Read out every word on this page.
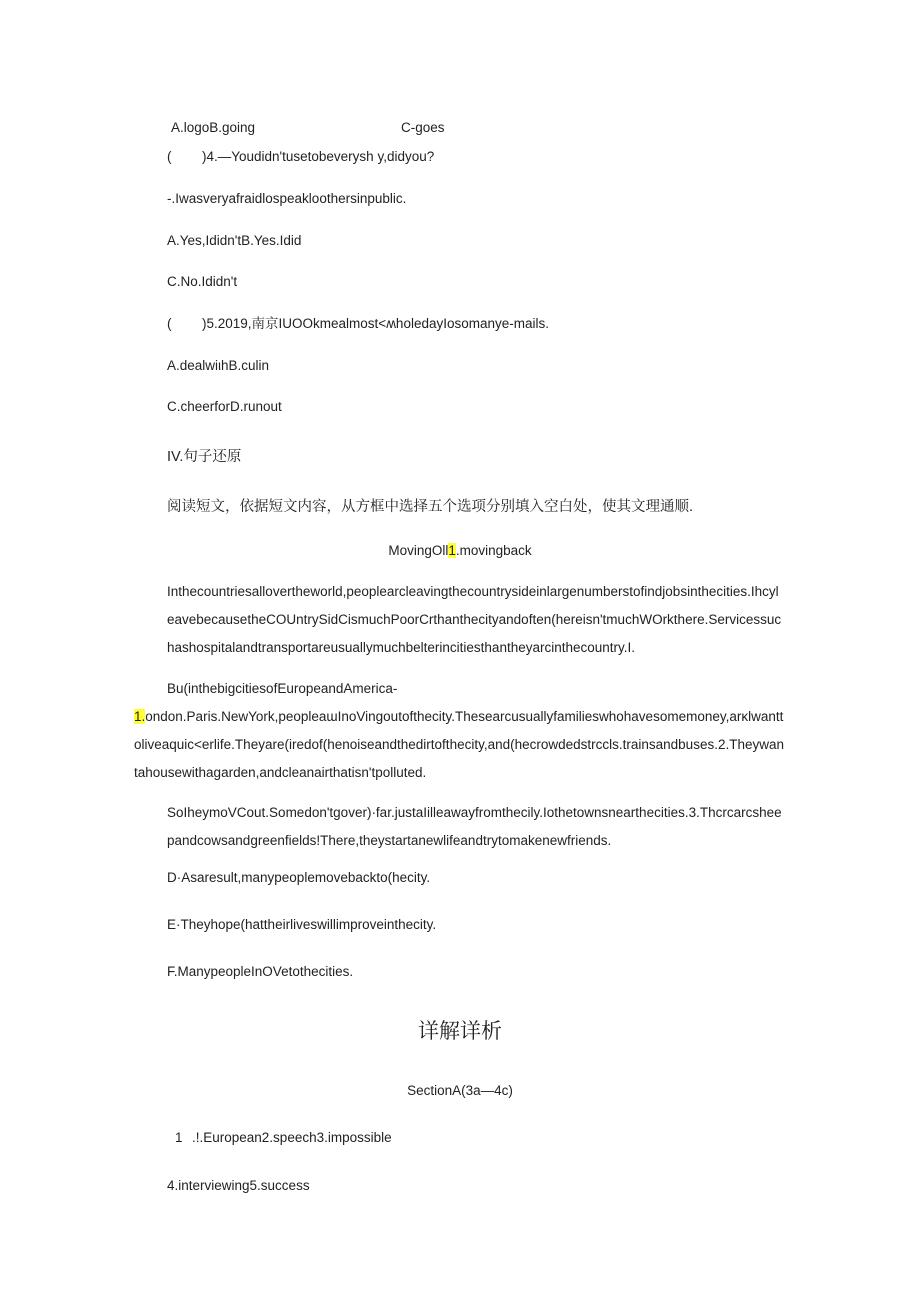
A.logoB.going	C-goes
( )4.—Youdidn'tusetobeverysh y,didyou?
-.Iwasveryafraidlospeakloothersinpublic.
A.Yes,Ididn'tB.Yes.Idid
C.No.Ididn't
( )5.2019,南京IUOOkmealmost<ʍholedayIosomanye-mails.
A.dealwiιhB.culin
C.cheerforD.runout
IV.句子还原
阅读短文，依据短文内容，从方框中选择五个选项分别填入空白处，使其文理通顺.
MovingOll1.movingback
Inthecountriesallovertheworld,peoplearcleavingthecountrysideinlargenumberstofindjobsinthecities.IhcyleavebecausetheCOUntrySidCismuchPoorCrthanthecityandoften(hereisn'tmuchWOrkthere.Servicessuchashospitalandtransportareusuallymuchbelterincitiesthantheyarcinthecountry.I.
Bu(inthebigcitiesofEuropeandAmerica-
1.ondon.Paris.NewYork,peopleaɯInoVingoutofthecity.Thesearcusuallyfamilieswhohavesomemoney,arκlwanttoliveaquic<erlife.Theyare(iredof(henoiseandthedirtofthecity,and(hecrowdedstrccls.trainsandbuses.2.Theywantahousewithagarden,andcleanairthatisn'tpolluted.
SoIheymoVCout.Somedon'tgover)·far.justaIilleawayfromthecily.Iothetownsnearthecities.3.Thcrcarcsheepandcowsandgreenfields!There,theystartanewlifeandtrytomakenewfriends.
D·Asaresult,manypeoplemovebackto(hecity.
E·Theyhope(hattheirliveswillimproveinthecity.
F.ManypeopleInOVetothecities.
详解详析
SectionA(3a—4c)
1 .!.European2.speech3.impossible
4.interviewing5.success
